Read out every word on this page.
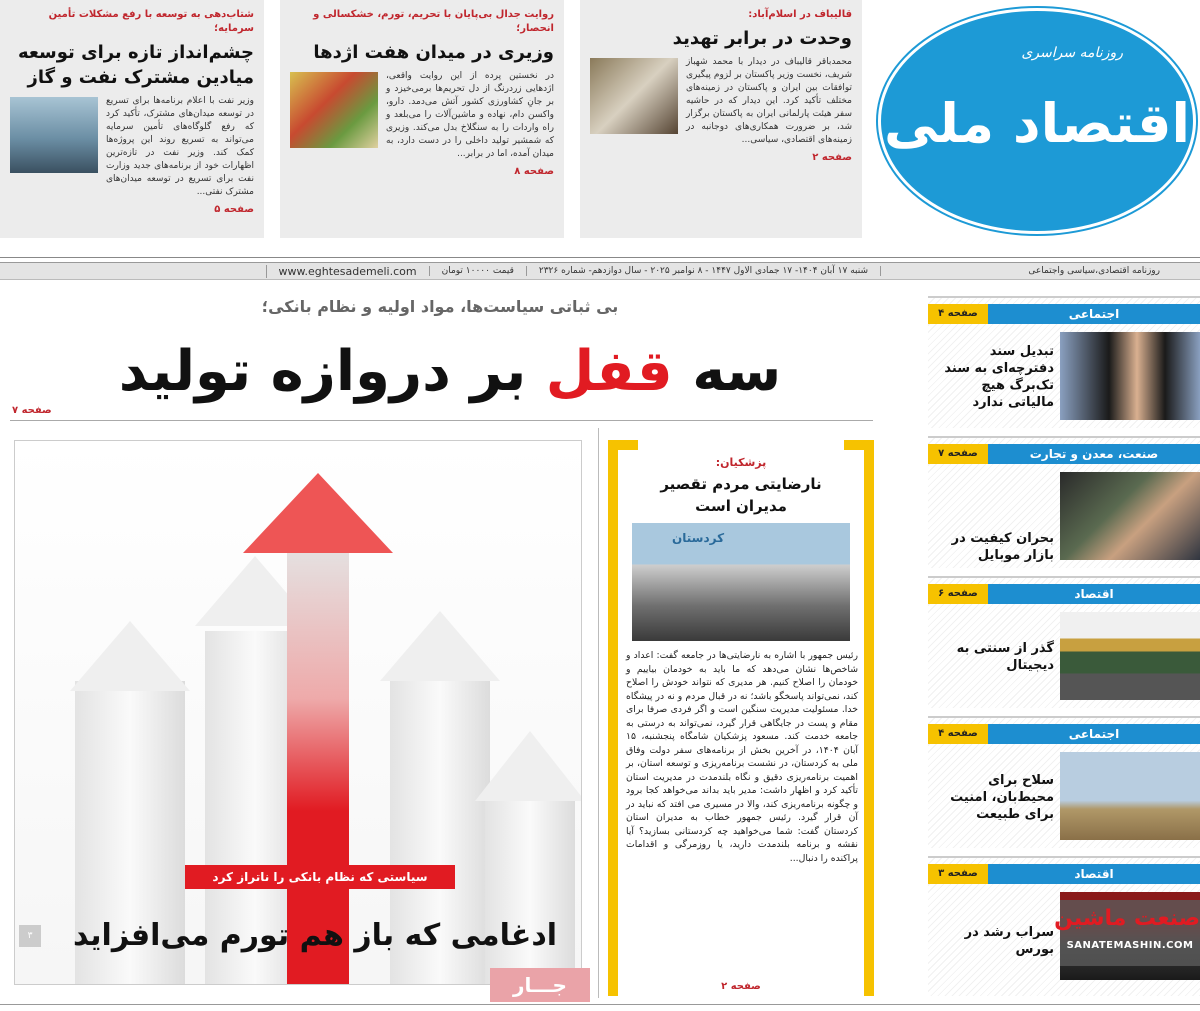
قالیباف در اسلام‌آباد:
وحدت در برابر تهدید
محمدباقر قالیباف در دیدار با محمد شهباز شریف، نخست وزیر پاکستان بر لزوم پیگیری توافقات بین ایران و پاکستان در زمینه‌های مختلف تأکید کرد. این دیدار که در حاشیه سفر هیئت پارلمانی ایران به پاکستان برگزار شد، بر ضرورت همکاری‌های دوجانبه در زمینه‌های اقتصادی، سیاسی...
صفحه ۲
روایت جدال بی‌پایان با تحریم، تورم، خشکسالی و انحصار؛
وزیری در میدان هفت اژدها
در نخستین پرده از این روایت واقعی، اژدهایی زردرنگ از دل تحریم‌ها برمی‌خیزد و بر جانِ کشاورزی کشور آتش می‌دمد. دارو، واکسن دام، نهاده و ماشین‌آلات را می‌بلعد و راه واردات را به سنگلاخ بدل می‌کند. وزیری که شمشیر تولید داخلی را در دست دارد، به میدان آمده، اما در برابر...
صفحه ۸
شتاب‌دهی به توسعه با رفع مشکلات تأمین سرمایه؛
چشم‌انداز تازه برای توسعه میادین مشترک نفت و گاز
وزیر نفت با اعلام برنامه‌ها برای تسریع در توسعه میدان‌های مشترک، تأکید کرد که رفع گلوگاه‌های تأمین سرمایه می‌تواند به تسریع روند این پروژه‌ها کمک کند. وزیر نفت در تازه‌ترین اظهارات خود از برنامه‌های جدید وزارت نفت برای تسریع در توسعه میدان‌های مشترک نفتی...
صفحه ۵
روزنامه سراسری
اقتصاد ملی
روزنامه اقتصادی،سیاسی واجتماعی
شنبه ۱۷ آبان ۱۴۰۴- ۱۷ جمادی الاول ۱۴۴۷ - ۸ نوامبر ۲۰۲۵ - سال دوازدهم- شماره ۲۳۲۶
قیمت ۱۰۰۰۰ تومان
www.eghtesademeli.com
بی ثباتی سیاست‌ها، مواد اولیه و نظام بانکی؛
سه قفل بر دروازه تولید
صفحه ۷
سیاستی که نظام بانکی را ناتراز کرد
ادغامی که باز هم تورم می‌افزاید
۳
پزشکیان:
نارضایتی مردم تقصیر مدیران است
کردستان
رئیس جمهور با اشاره به نارضایتی‌ها در جامعه گفت: اعداد و شاخص‌ها نشان می‌دهد که ما باید به خودمان بیاییم و خودمان را اصلاح کنیم. هر مدیری که نتواند خودش را اصلاح کند، نمی‌تواند پاسخگو باشد؛ نه در قبال مردم و نه در پیشگاه خدا. مسئولیت مدیریت سنگین است و اگر فردی صرفا برای مقام و پست در جایگاهی قرار گیرد، نمی‌تواند به درستی به جامعه خدمت کند. مسعود پزشکیان شامگاه پنجشنبه، ۱۵ آبان ۱۴۰۴، در آخرین بخش از برنامه‌های سفر دولت وفاق ملی به کردستان، در نشست برنامه‌ریزی و توسعه استان، بر اهمیت برنامه‌ریزی دقیق و نگاه بلندمدت در مدیریت استان تأکید کرد و اظهار داشت: مدیر باید بداند می‌خواهد کجا برود و چگونه برنامه‌ریزی کند، والا در مسیری می افتد که نباید در آن قرار گیرد. رئیس جمهور خطاب به مدیران استان کردستان گفت: شما می‌خواهید چه کردستانی بسازید؟ آیا نقشه و برنامه بلندمدت دارید، یا روزمرگی و اقدامات پراکنده را دنبال...
صفحه ۲
جـــار
اجتماعی
صفحه ۴
تبدیل سند دفترچه‌ای به سند تک‌برگ هیچ مالیاتی ندارد
صنعت، معدن و تجارت
صفحه ۷
بحران کیفیت در بازار موبایل
اقتصاد
صفحه ۶
گذر از سنتی به دیجیتال
اجتماعی
صفحه ۴
سلاح برای محیط‌بان، امنیت برای طبیعت
اقتصاد
صفحه ۳
سراب رشد در بورس
صنعت ماشین
SANATEMASHIN.COM
